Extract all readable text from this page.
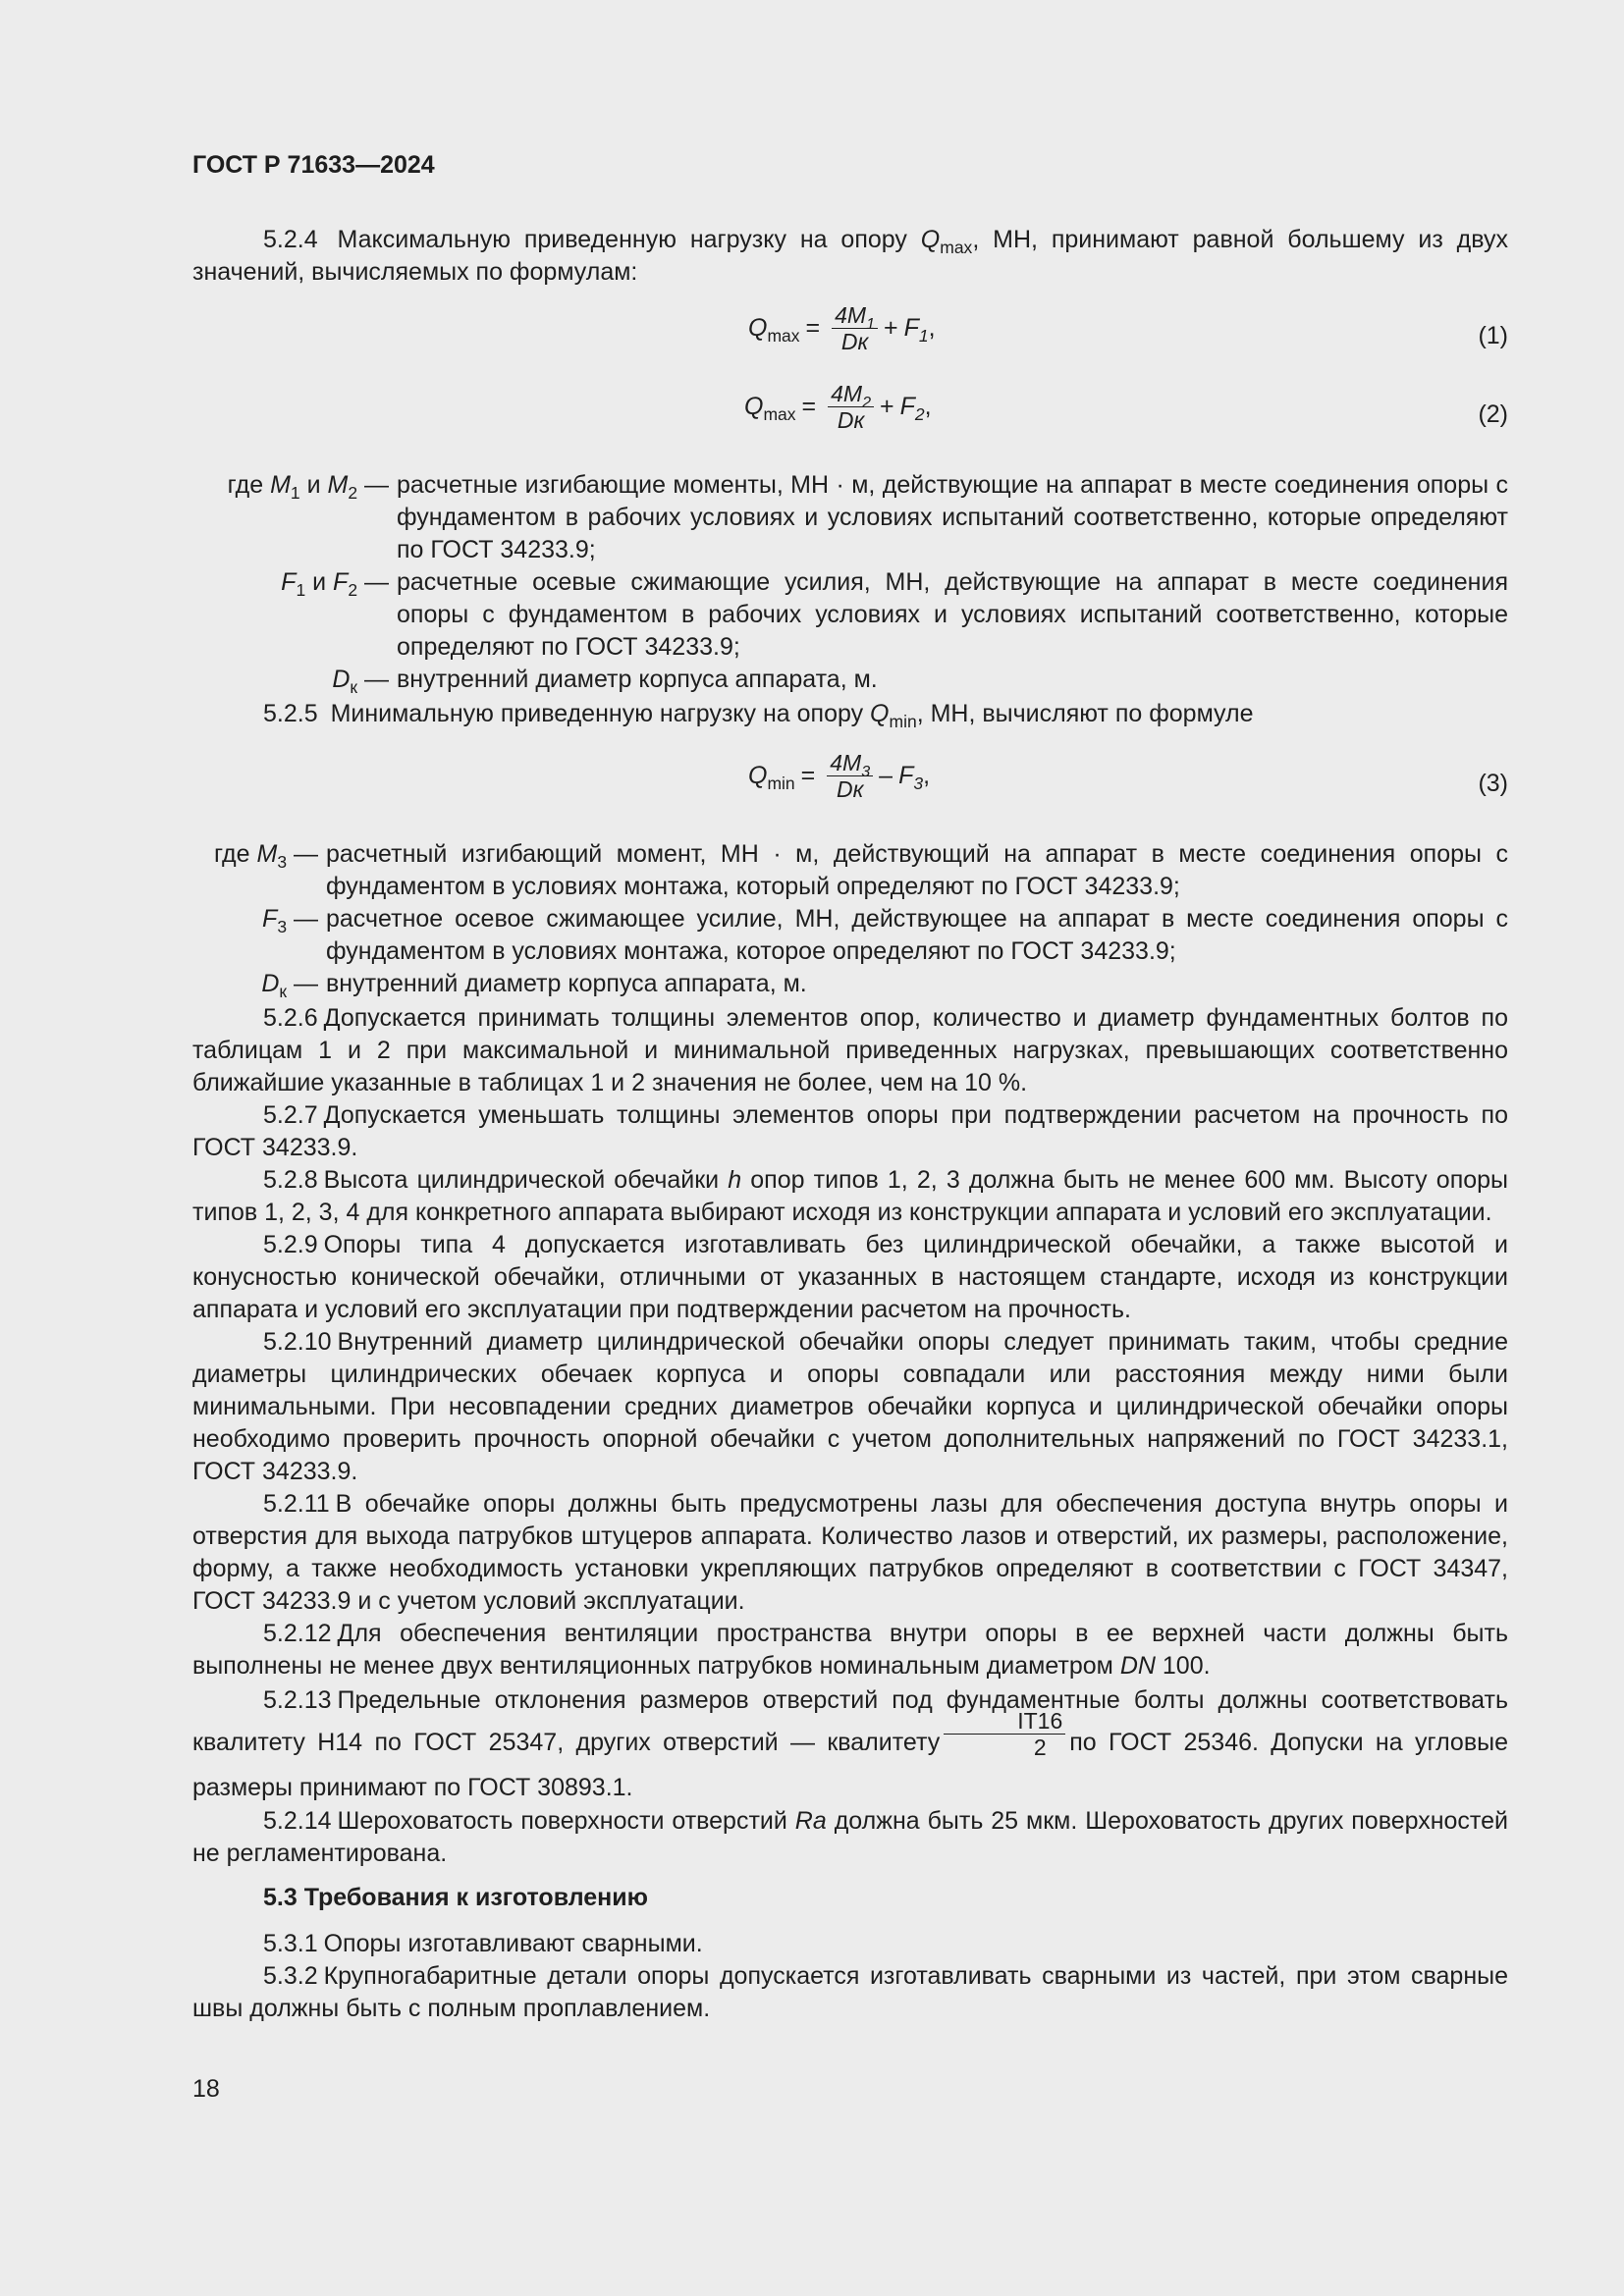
ГОСТ Р 71633—2024

5.2.4 Максимальную приведенную нагрузку на опору $Q_{max}$, МН, принимают равной большему из двух значений, вычисляемых по формулам:

$Q_{max} = \frac{4M_1}{Dк} + F_1$ ,	(1)
$Q_{max} = \frac{4M_2}{Dк} + F_2$ ,	(2)
где $M_1$ и $M_2$ —	расчетные изгибающие моменты, МН · м, действующие на аппарат в месте соединения опоры с фундаментом в рабочих условиях и условиях испытаний соответственно, которые определяют по ГОСТ 34233.9;
$F_1$ и $F_2$ —	расчетные осевые сжимающие усилия, МН, действующие на аппарат в месте соединения опоры с фундаментом в рабочих условиях и условиях испытаний соответственно, которые определяют по ГОСТ 34233.9;
$D_к$ —	внутренний диаметр корпуса аппарата, м.

5.2.5 Минимальную приведенную нагрузку на опору $Q_{min}$, МН, вычисляют по формуле

$Q_{min} = \frac{4M_3}{Dк} - F_3$ ,	(3)
где $M_3$ —	расчетный изгибающий момент, МН · м, действующий на аппарат в месте соединения опоры с фундаментом в условиях монтажа, который определяют по ГОСТ 34233.9;
$F_3$ —	расчетное осевое сжимающее усилие, МН, действующее на аппарат в месте соединения опоры с фундаментом в условиях монтажа, которое определяют по ГОСТ 34233.9;
$D_к$ —	внутренний диаметр корпуса аппарата, м.

5.2.6 Допускается принимать толщины элементов опор, количество и диаметр фундаментных болтов по таблицам 1 и 2 при максимальной и минимальной приведенных нагрузках, превышающих соответственно ближайшие указанные в таблицах 1 и 2 значения не более, чем на 10 %.

5.2.7 Допускается уменьшать толщины элементов опоры при подтверждении расчетом на прочность по ГОСТ 34233.9.

5.2.8 Высота цилиндрической обечайки h опор типов 1, 2, 3 должна быть не менее 600 мм. Высоту опоры типов 1, 2, 3, 4 для конкретного аппарата выбирают исходя из конструкции аппарата и условий его эксплуатации.

5.2.9 Опоры типа 4 допускается изготавливать без цилиндрической обечайки, а также высотой и конусностью конической обечайки, отличными от указанных в настоящем стандарте, исходя из конструкции аппарата и условий его эксплуатации при подтверждении расчетом на прочность.

5.2.10 Внутренний диаметр цилиндрической обечайки опоры следует принимать таким, чтобы средние диаметры цилиндрических обечаек корпуса и опоры совпадали или расстояния между ними были минимальными. При несовпадении средних диаметров обечайки корпуса и цилиндрической обечайки опоры необходимо проверить прочность опорной обечайки с учетом дополнительных напряжений по ГОСТ 34233.1, ГОСТ 34233.9.

5.2.11 В обечайке опоры должны быть предусмотрены лазы для обеспечения доступа внутрь опоры и отверстия для выхода патрубков штуцеров аппарата. Количество лазов и отверстий, их размеры, расположение, форму, а также необходимость установки укрепляющих патрубков определяют в соответствии с ГОСТ 34347, ГОСТ 34233.9 и с учетом условий эксплуатации.

5.2.12 Для обеспечения вентиляции пространства внутри опоры в ее верхней части должны быть выполнены не менее двух вентиляционных патрубков номинальным диаметром DN 100.

5.2.13 Предельные отклонения размеров отверстий под фундаментные болты должны соответствовать квалитету H14 по ГОСТ 25347, других отверстий — квалитету $\frac{IT16}{2}$ по ГОСТ 25346. Допуски на угловые размеры принимают по ГОСТ 30893.1.

5.2.14 Шероховатость поверхности отверстий Ra должна быть 25 мкм. Шероховатость других поверхностей не регламентирована.

5.3 Требования к изготовлению

5.3.1 Опоры изготавливают сварными.

5.3.2 Крупногабаритные детали опоры допускается изготавливать сварными из частей, при этом сварные швы должны быть с полным проплавлением.

18
